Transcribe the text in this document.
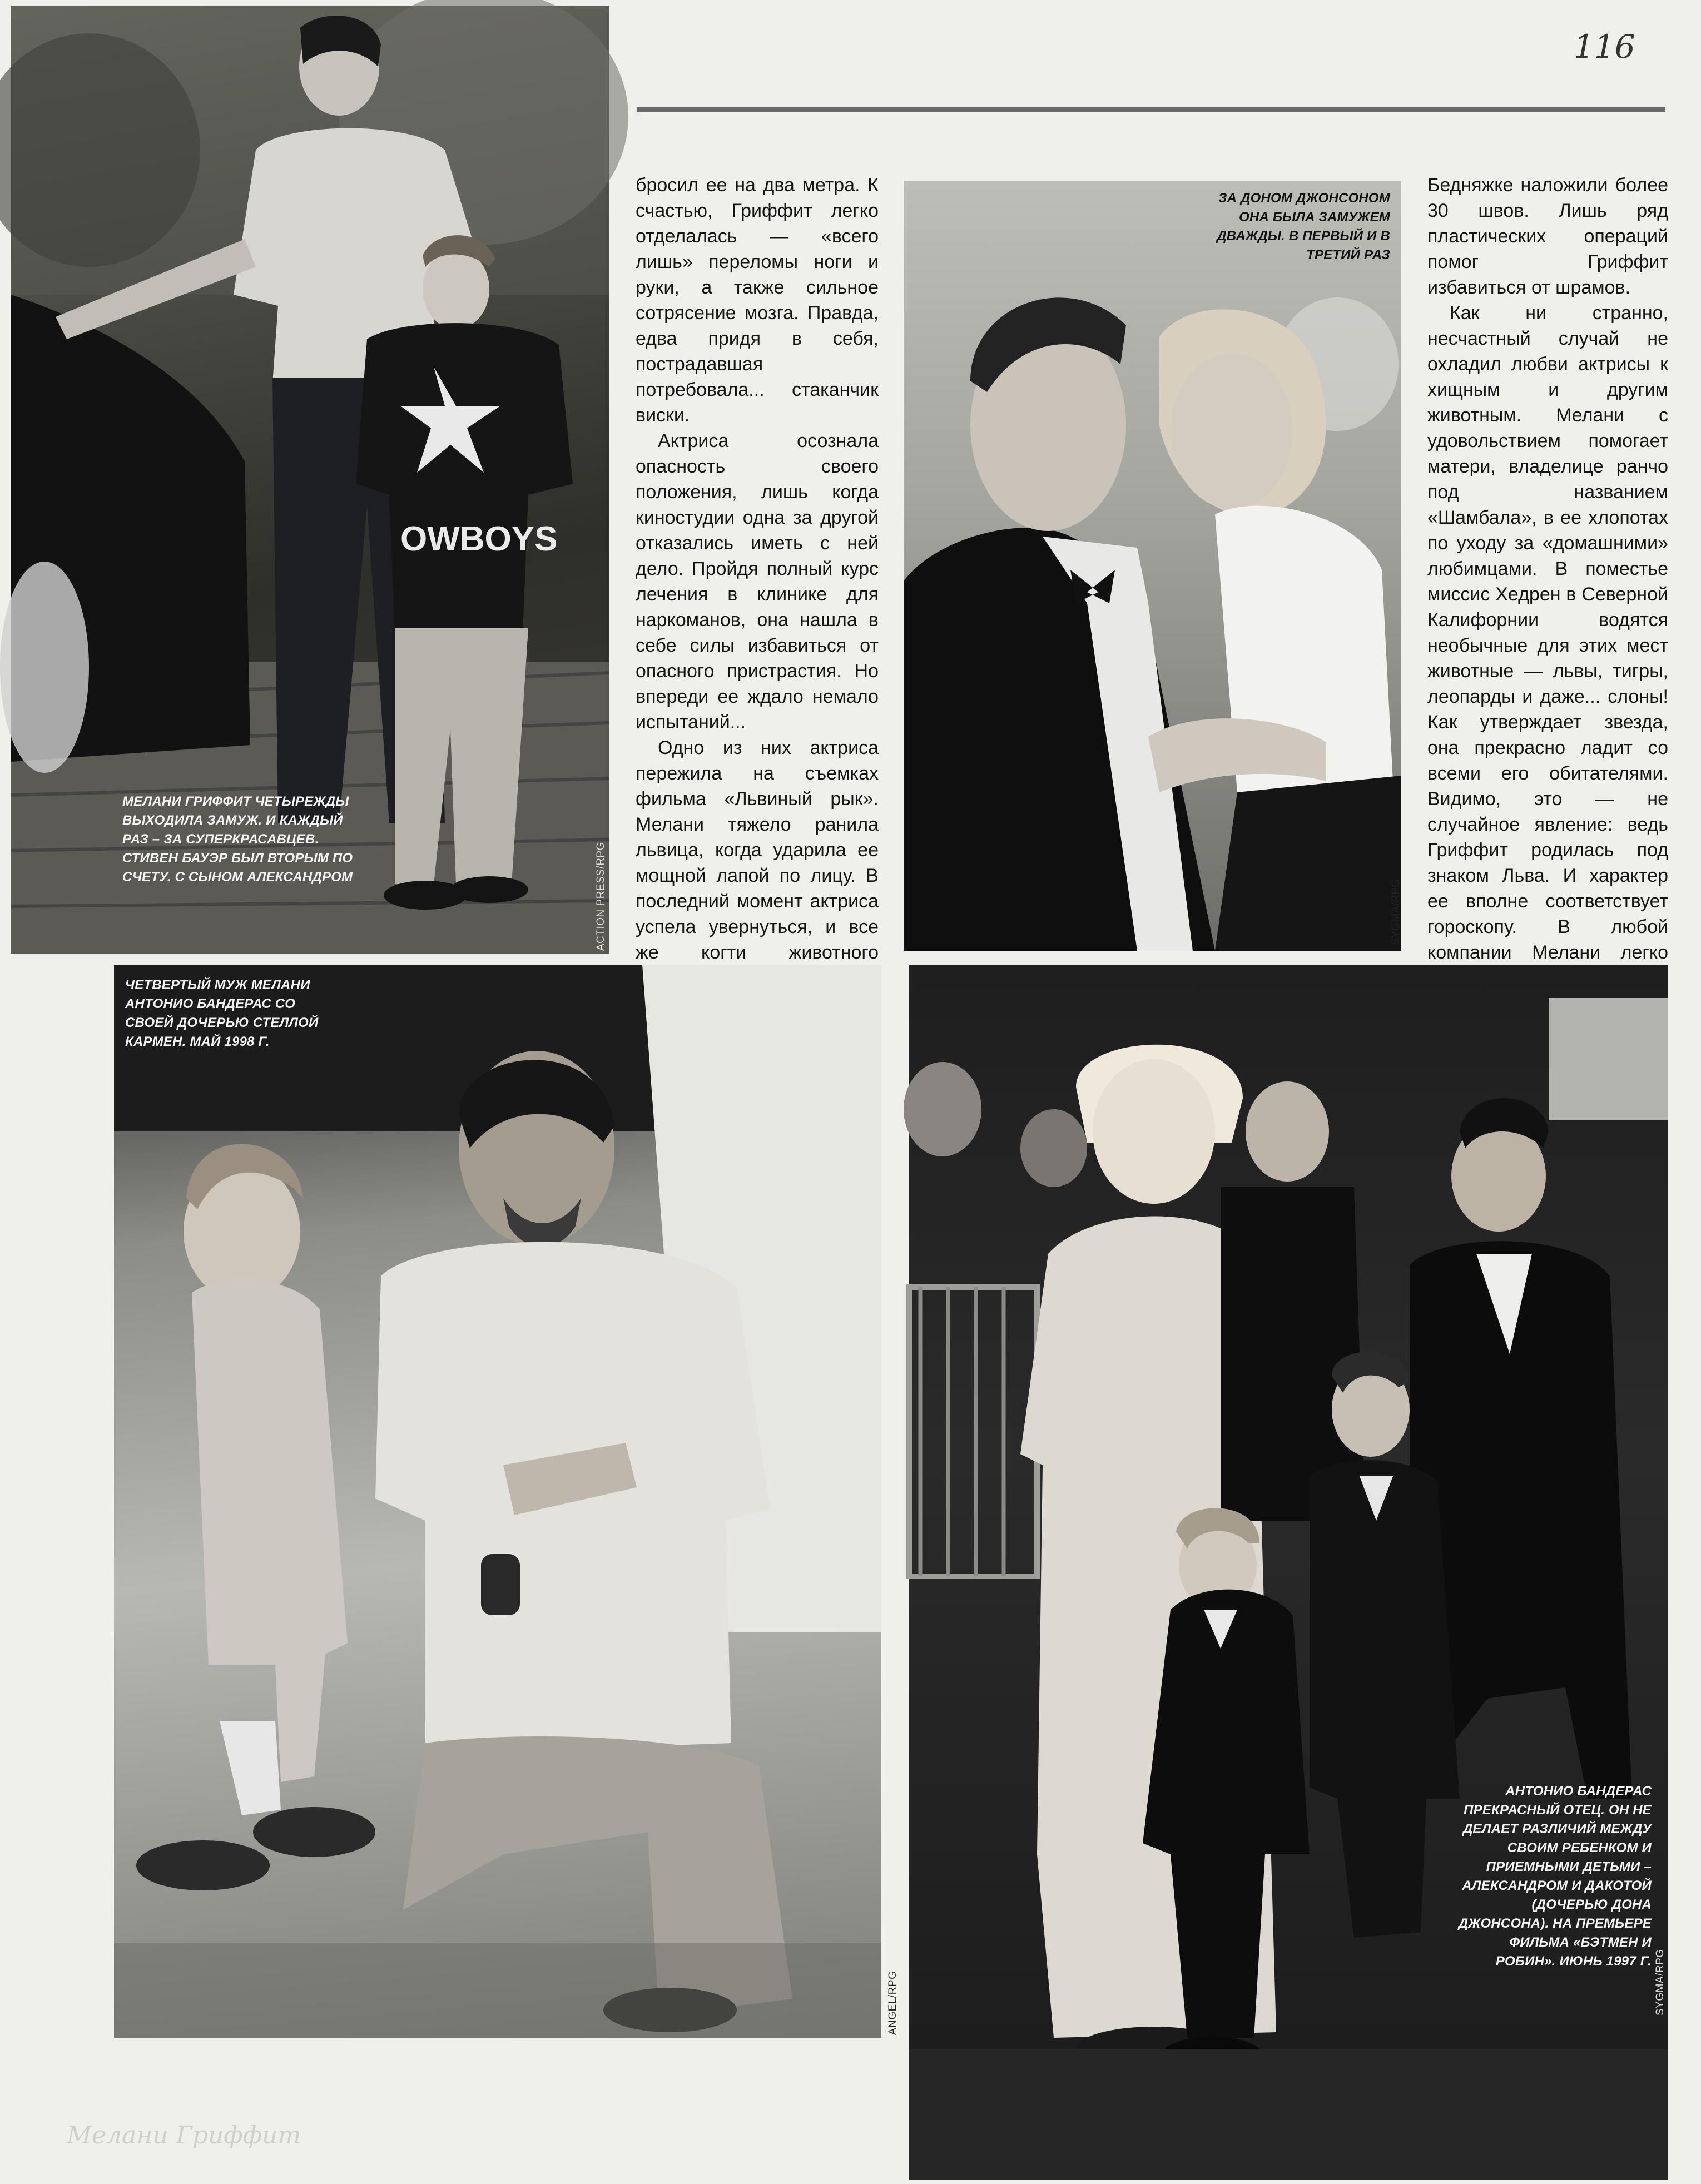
116
OWBOYS

МЕЛАНИ ГРИФФИТ ЧЕТЫРЕЖДЫ ВЫХОДИЛА ЗАМУЖ. И КАЖДЫЙ РАЗ – ЗА СУПЕРКРАСАВЦЕВ. СТИВЕН БАУЭР БЫЛ ВТОРЫМ ПО СЧЕТУ. С СЫНОМ АЛЕКСАНДРОМ	ACTION PRESS/RPG

бросил ее на два метра. К счастью, Гриффит легко отделалась — «всего лишь» переломы ноги и руки, а также сильное сотрясение мозга. Правда, едва придя в себя, пострадавшая потребовала... стаканчик виски.

Актриса осознала опасность своего положения, лишь когда киностудии одна за другой отказались иметь с ней дело. Пройдя полный курс лечения в клинике для наркоманов, она нашла в себе силы избавиться от опасного пристрастия. Но впереди ее ждало немало испытаний...

Одно из них актриса пережила на съемках фильма «Львиный рык». Мелани тяжело ранила львица, когда ударила ее мощной лапой по лицу. В последний момент актриса успела увернуться, и все же когти животного

ЗА ДОНОМ ДЖОНСОНОМ ОНА БЫЛА ЗАМУЖЕМ ДВАЖДЫ. В ПЕРВЫЙ И В ТРЕТИЙ РАЗ

SYGMA/RPG

Бедняжке наложили более 30 швов. Лишь ряд пластических операций помог Гриффит избавиться от шрамов.

Как ни странно, несчастный случай не охладил любви актрисы к хищным и другим животным. Мелани с удовольствием помогает матери, владелице ранчо под названием «Шамбала», в ее хлопотах по уходу за «домашними» любимцами. В поместье миссис Хедрен в Северной Калифорнии водятся необычные для этих мест животные — львы, тигры, леопарды и даже... слоны! Как утверждает звезда, она прекрасно ладит со всеми его обитателями. Видимо, это — не случайное явление: ведь Гриффит родилась под знаком Льва. И характер ее вполне соответствует гороскопу. В любой компании Мелани легко

ЧЕТВЕРТЫЙ МУЖ МЕЛАНИ АНТОНИО БАНДЕРАС СО СВОЕЙ ДОЧЕРЬЮ СТЕЛЛОЙ КАРМЕН. МАЙ 1998 Г.

ANGEL/RPG

АНТОНИО БАНДЕРАС ПРЕКРАСНЫЙ ОТЕЦ. ОН НЕ ДЕЛАЕТ РАЗЛИЧИЙ МЕЖДУ СВОИМ РЕБЕНКОМ И ПРИЕМНЫМИ ДЕТЬМИ – АЛЕКСАНДРОМ И ДАКОТОЙ (ДОЧЕРЬЮ ДОНА ДЖОНСОНА). НА ПРЕМЬЕРЕ ФИЛЬМА «БЭТМЕН И РОБИН». ИЮНЬ 1997 Г. SYGMA/RPG

Мелани Гриффит
